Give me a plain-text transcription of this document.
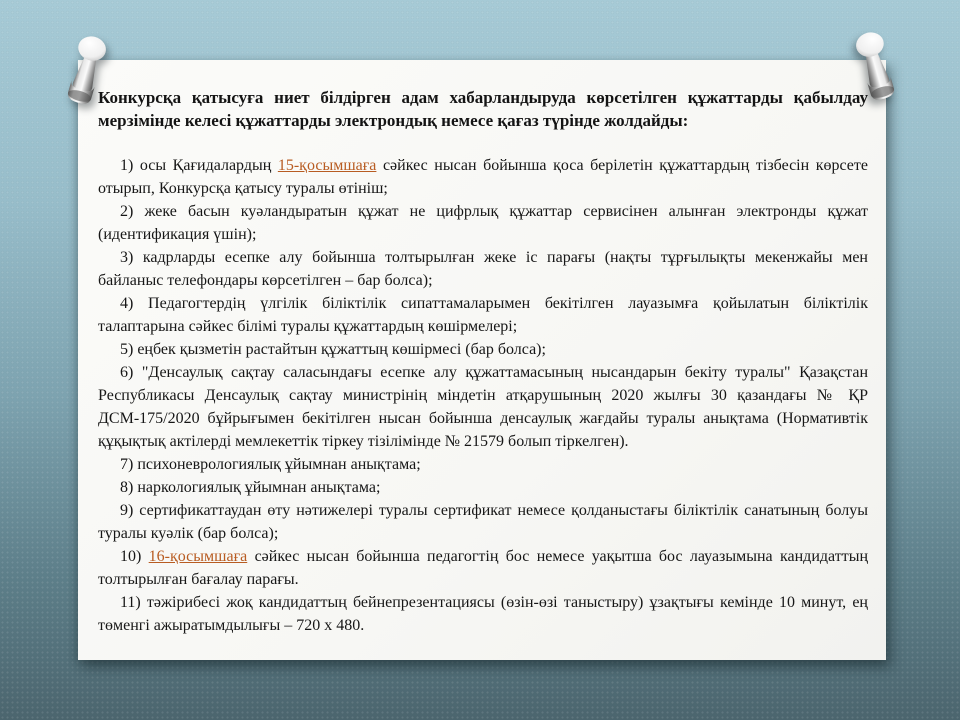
Конкурсқа қатысуға ниет білдірген адам хабарландыруда көрсетілген құжаттарды қабылдау мерзімінде келесі құжаттарды электрондық немесе қағаз түрінде жолдайды:

1) осы Қағидалардың 15-қосымшаға сәйкес нысан бойынша қоса берілетін құжаттардың тізбесін көрсете отырып, Конкурсқа қатысу туралы өтініш;

2) жеке басын куәландыратын құжат не цифрлық құжаттар сервисінен алынған электронды құжат (идентификация үшін);

3) кадрларды есепке алу бойынша толтырылған жеке іс парағы (нақты тұрғылықты мекенжайы мен байланыс телефондары көрсетілген – бар болса);

4) Педагогтердің үлгілік біліктілік сипаттамаларымен бекітілген лауазымға қойылатын біліктілік талаптарына сәйкес білімі туралы құжаттардың көшірмелері;

5) еңбек қызметін растайтын құжаттың көшірмесі (бар болса);

6) "Денсаулық сақтау саласындағы есепке алу құжаттамасының нысандарын бекіту туралы" Қазақстан Республикасы Денсаулық сақтау министрінің міндетін атқарушының 2020 жылғы 30 қазандағы № ҚР ДСМ-175/2020 бұйрығымен бекітілген нысан бойынша денсаулық жағдайы туралы анықтама (Нормативтік құқықтық актілерді мемлекеттік тіркеу тізілімінде № 21579 болып тіркелген).

7) психоневрологиялық ұйымнан анықтама;

8) наркологиялық ұйымнан анықтама;

9) сертификаттаудан өту нәтижелері туралы сертификат немесе қолданыстағы біліктілік санатының болуы туралы куәлік (бар болса);

10) 16-қосымшаға сәйкес нысан бойынша педагогтің бос немесе уақытша бос лауазымына кандидаттың толтырылған бағалау парағы.

11) тәжірибесі жоқ кандидаттың бейнепрезентациясы (өзін-өзі таныстыру) ұзақтығы кемінде 10 минут, ең төменгі ажыратымдылығы – 720 x 480.
